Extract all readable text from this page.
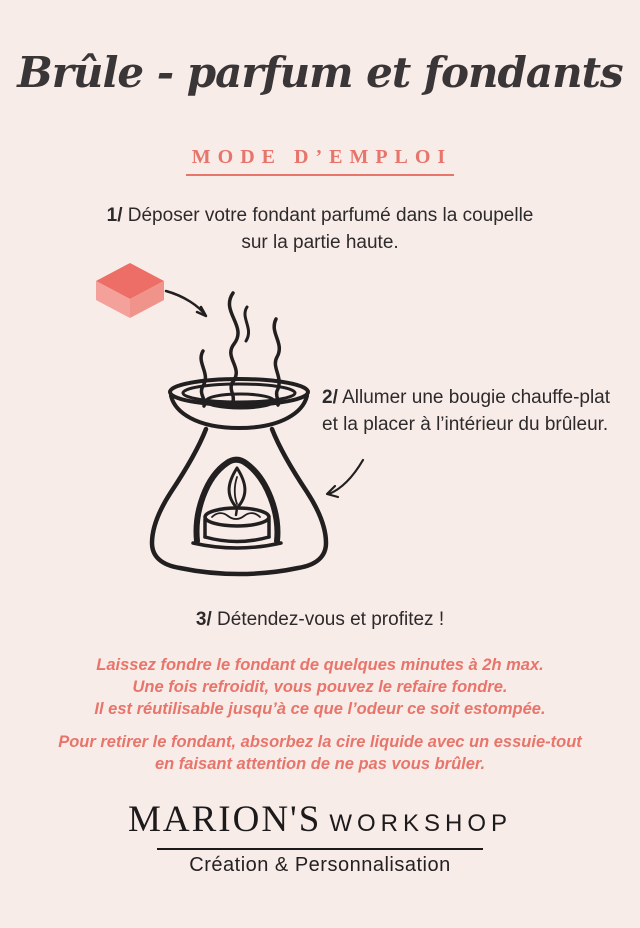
Brûle - parfum et fondants
MODE D’EMPLOI
1/ Déposer votre fondant parfumé dans la coupelle
sur la partie haute.
2/ Allumer une bougie chauffe-plat
et la placer à l’intérieur du brûleur.
3/ Détendez-vous et profitez !
Laissez fondre le fondant de quelques minutes à 2h max.
Une fois refroidit, vous pouvez le refaire fondre.
Il est réutilisable jusqu’à ce que l’odeur ce soit estompée.
Pour retirer le fondant, absorbez la cire liquide avec un essuie-tout
en faisant attention de ne pas vous brûler.
MARION'S WORKSHOP
Création & Personnalisation
